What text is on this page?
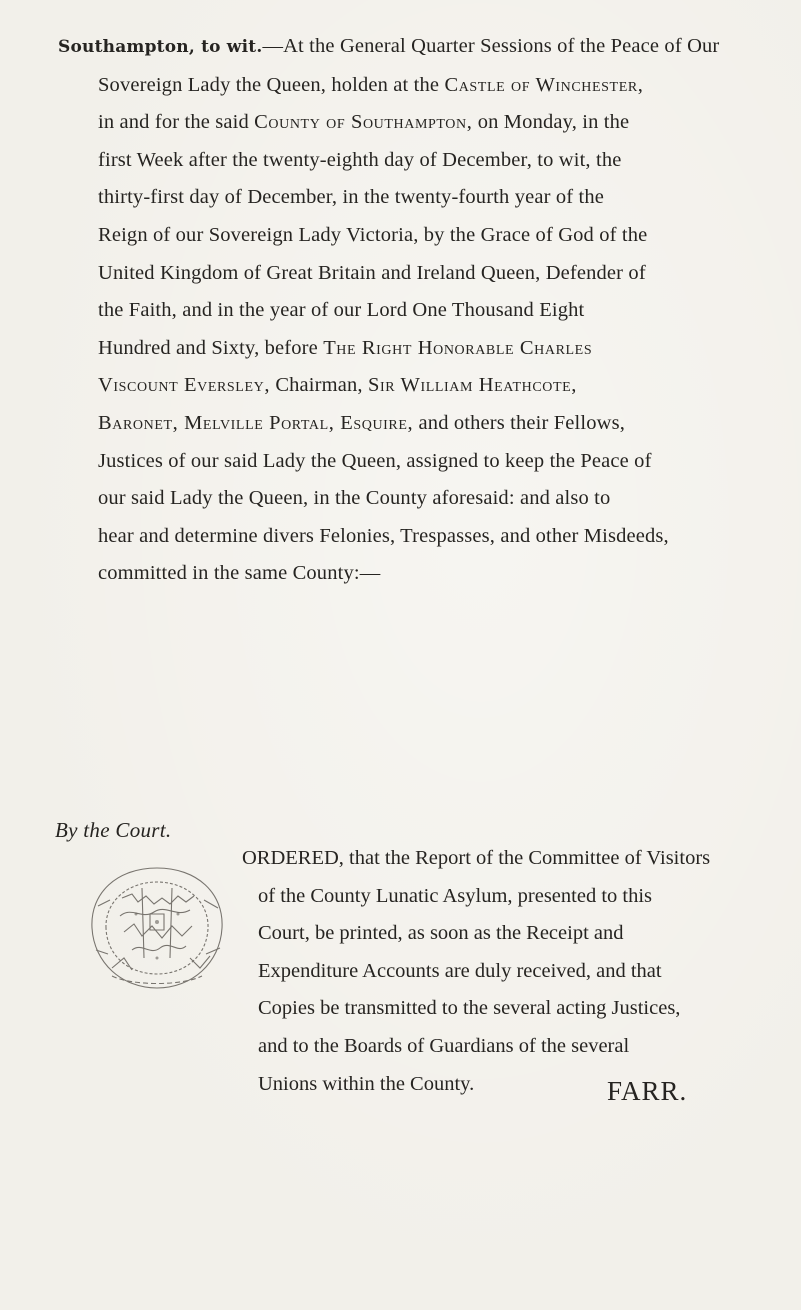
Southampton, to wit.—At the General Quarter Sessions of the Peace of Our
Sovereign Lady the Queen, holden at the Castle of Winchester,
in and for the said County of Southampton, on Monday, in the
first Week after the twenty-eighth day of December, to wit, the
thirty-first day of December, in the twenty-fourth year of the
Reign of our Sovereign Lady Victoria, by the Grace of God of the
United Kingdom of Great Britain and Ireland Queen, Defender of
the Faith, and in the year of our Lord One Thousand Eight
Hundred and Sixty, before The Right Honorable Charles
Viscount Eversley, Chairman, Sir William Heathcote,
Baronet, Melville Portal, Esquire, and others their Fellows,
Justices of our said Lady the Queen, assigned to keep the Peace of
our said Lady the Queen, in the County aforesaid: and also to
hear and determine divers Felonies, Trespasses, and other Misdeeds,
committed in the same County:—
By the Court.
ORDERED, that the Report of the Committee of Visitors
of the County Lunatic Asylum, presented to this
Court, be printed, as soon as the Receipt and
Expenditure Accounts are duly received, and that
Copies be transmitted to the several acting Justices,
and to the Boards of Guardians of the several
Unions within the County.	FARR.
